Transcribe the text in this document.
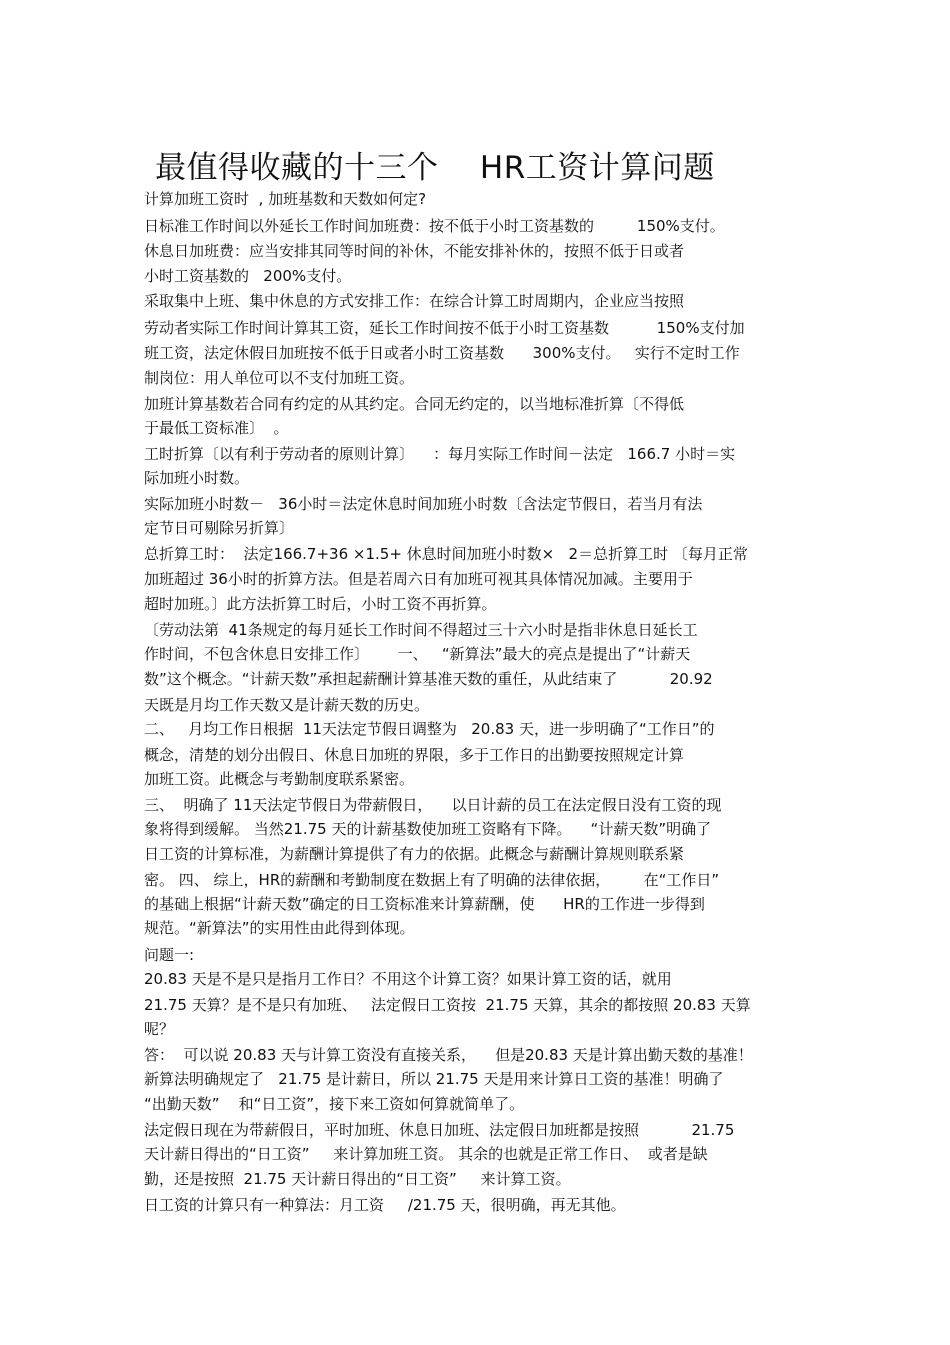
最值得收藏的十三个    HR工资计算问题
计算加班工资时  , 加班基数和天数如何定?
日标准工作时间以外延长工作时间加班费：按不低于小时工资基数的         150%支付。
休息日加班费：应当安排其同等时间的补休，不能安排补休的，按照不低于日或者
小时工资基数的   200%支付。
采取集中上班、集中休息的方式安排工作：在综合计算工时周期内，企业应当按照
劳动者实际工作时间计算其工资，延长工作时间按不低于小时工资基数          150%支付加
班工资，法定休假日加班按不低于日或者小时工资基数      300%支付。   实行不定时工作
制岗位：用人单位可以不支付加班工资。
加班计算基数若合同有约定的从其约定。合同无约定的，以当地标准折算〔不得低
于最低工资标准〕  。
工时折算〔以有利于劳动者的原则计算〕    ：每月实际工作时间－法定   166.7 小时＝实
际加班小时数。
实际加班小时数－   36小时＝法定休息时间加班小时数〔含法定节假日，若当月有法
定节日可剔除另折算〕
总折算工时：  法定166.7+36 ×1.5+ 休息时间加班小时数×   2＝总折算工时 〔每月正常
加班超过 36小时的折算方法。但是若周六日有加班可视其具体情况加减。主要用于
超时加班。〕此方法折算工时后，小时工资不再折算。
〔劳动法第  41条规定的每月延长工作时间不得超过三十六小时是指非休息日延长工
作时间，不包含休息日安排工作〕      一、   “新算法”最大的亮点是提出了“计薪天
数”这个概念。“计薪天数”承担起薪酬计算基准天数的重任，从此结束了           20.92
天既是月均工作天数又是计薪天数的历史。
二、   月均工作日根据  11天法定节假日调整为   20.83 天，进一步明确了“工作日”的
概念，清楚的划分出假日、休息日加班的界限，多于工作日的出勤要按照规定计算
加班工资。此概念与考勤制度联系紧密。
三、  明确了 11天法定节假日为带薪假日，    以日计薪的员工在法定假日没有工资的现
象将得到缓解。 当然21.75 天的计薪基数使加班工资略有下降。    “计薪天数”明确了
日工资的计算标准，为薪酬计算提供了有力的依据。此概念与薪酬计算规则联系紧
密。 四、 综上，HR的薪酬和考勤制度在数据上有了明确的法律依据，       在“工作日”
的基础上根据“计薪天数”确定的日工资标准来计算薪酬，使      HR的工作进一步得到
规范。“新算法”的实用性由此得到体现。
问题一:
20.83 天是不是只是指月工作日？不用这个计算工资？如果计算工资的话，就用
21.75 天算？是不是只有加班、   法定假日工资按  21.75 天算，其余的都按照 20.83 天算
呢？
答：  可以说 20.83 天与计算工资没有直接关系，    但是20.83 天是计算出勤天数的基准！
新算法明确规定了   21.75 是计薪日，所以 21.75 天是用来计算日工资的基准！明确了
“出勤天数”    和“日工资”，接下来工资如何算就简单了。
法定假日现在为带薪假日，平时加班、休息日加班、法定假日加班都是按照           21.75
天计薪日得出的“日工资”     来计算加班工资。 其余的也就是正常工作日、  或者是缺
勤，还是按照  21.75 天计薪日得出的“日工资”     来计算工资。
日工资的计算只有一种算法：月工资     /21.75 天，很明确，再无其他。
